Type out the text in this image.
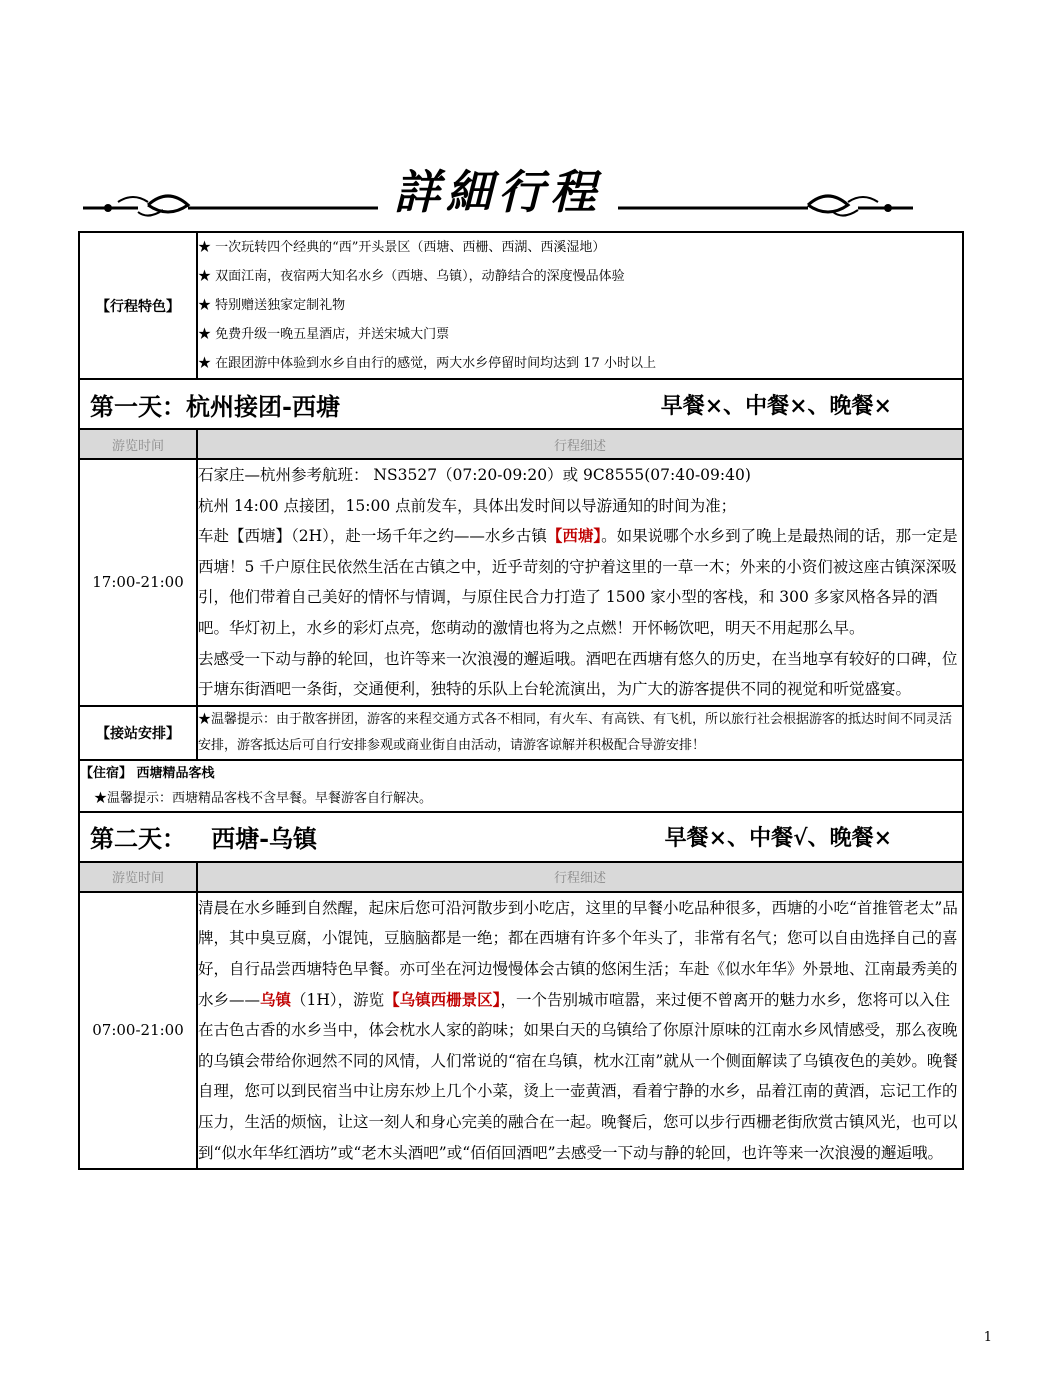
詳細行程
【行程特色】	★ 一次玩转四个经典的“西”开头景区（西塘、西栅、西湖、西溪湿地）
★ 双面江南，夜宿两大知名水乡（西塘、乌镇），动静结合的深度慢品体验
★ 特别赠送独家定制礼物
★ 免费升级一晚五星酒店，并送宋城大门票
★ 在跟团游中体验到水乡自由行的感觉，两大水乡停留时间均达到 17 小时以上

第一天：杭州接团-西塘 早餐×、中餐×、晚餐×	

游览时间	行程细述
17:00-21:00	石家庄—杭州参考航班： NS3527（07:20-09:20）或 9C8555(07:40-09:40)
杭州 14:00 点接团，15:00 点前发车，具体出发时间以导游通知的时间为准；
车赴【西塘】（2H），赴一场千年之约——水乡古镇【西塘】。如果说哪个水乡到了晚上是最热闹的话，那一定是西塘！5 千户原住民依然生活在古镇之中，近乎苛刻的守护着这里的一草一木；外来的小资们被这座古镇深深吸引，他们带着自己美好的情怀与情调，与原住民合力打造了 1500 家小型的客栈，和 300 多家风格各异的酒吧。华灯初上，水乡的彩灯点亮，您萌动的激情也将为之点燃！开怀畅饮吧，明天不用起那么早。
去感受一下动与静的轮回，也许等来一次浪漫的邂逅哦。酒吧在西塘有悠久的历史，在当地享有较好的口碑，位于塘东街酒吧一条街，交通便利，独特的乐队上台轮流演出，为广大的游客提供不同的视觉和听觉盛宴。

【接站安排】	★温馨提示：由于散客拼团，游客的来程交通方式各不相同，有火车、有高铁、有飞机，所以旅行社会根据游客的抵达时间不同灵活安排，游客抵达后可自行安排参观或商业街自由活动，请游客谅解并积极配合导游安排！

【住宿】 西塘精品客栈
★温馨提示：西塘精品客栈不含早餐。早餐游客自行解决。	

第二天：   西塘-乌镇 早餐×、中餐√、晚餐×	

游览时间	行程细述
07:00-21:00	清晨在水乡睡到自然醒，起床后您可沿河散步到小吃店，这里的早餐小吃品种很多，西塘的小吃“首推管老太”品牌，其中臭豆腐，小馄饨，豆脑脑都是一绝；都在西塘有许多个年头了，非常有名气；您可以自由选择自己的喜好，自行品尝西塘特色早餐。亦可坐在河边慢慢体会古镇的悠闲生活；车赴《似水年华》外景地、江南最秀美的水乡——乌镇（1H），游览【乌镇西栅景区】，一个告别城市喧嚣，来过便不曾离开的魅力水乡，您将可以入住在古色古香的水乡当中，体会枕水人家的韵味；如果白天的乌镇给了你原汁原味的江南水乡风情感受，那么夜晚的乌镇会带给你迥然不同的风情，人们常说的“宿在乌镇，枕水江南”就从一个侧面解读了乌镇夜色的美妙。晚餐自理，您可以到民宿当中让房东炒上几个小菜，烫上一壶黄酒，看着宁静的水乡，品着江南的黄酒，忘记工作的压力，生活的烦恼，让这一刻人和身心完美的融合在一起。晚餐后，您可以步行西栅老街欣赏古镇风光，也可以到“似水年华红酒坊”或“老木头酒吧”或“佰佰回酒吧”去感受一下动与静的轮回，也许等来一次浪漫的邂逅哦。
1
